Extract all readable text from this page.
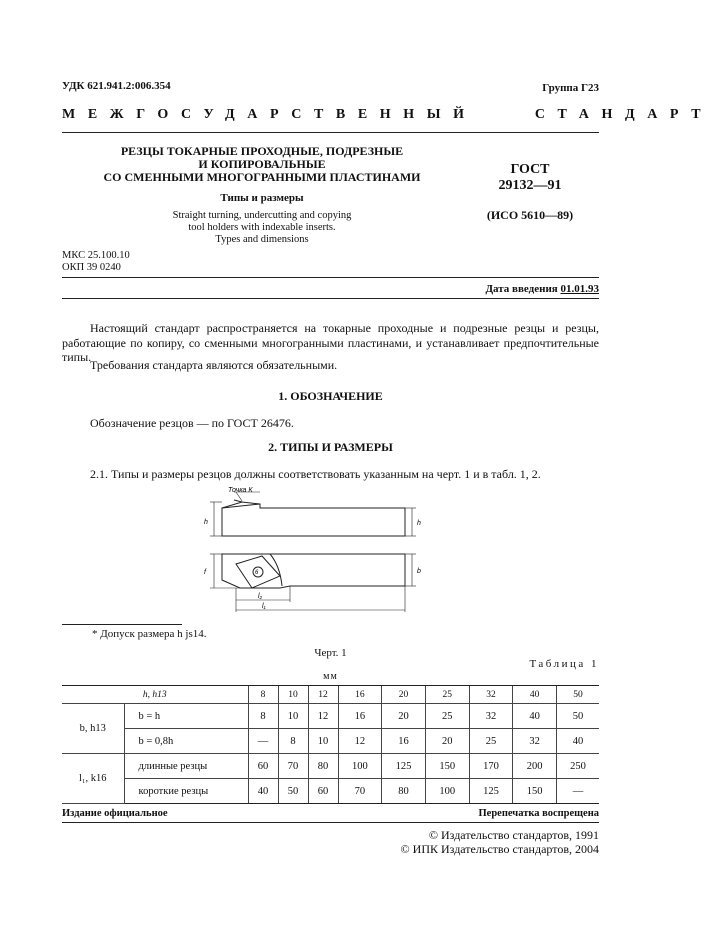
УДК 621.941.2:006.354	Группа Г23
МЕЖГОСУДАРСТВЕННЫЙ	СТАНДАРТ
РЕЗЦЫ ТОКАРНЫЕ ПРОХОДНЫЕ, ПОДРЕЗНЫЕ
И КОПИРОВАЛЬНЫЕ
СО СМЕННЫМИ МНОГОГРАННЫМИ ПЛАСТИНАМИ
Типы и размеры
Straight turning, undercutting and copying
tool holders with indexable inserts.
Types and dimensions
ГОСТ
29132—91
(ИСО 5610—89)
МКС 25.100.10
ОКП 39 0240
Дата введения 01.01.93
Настоящий стандарт распространяется на токарные проходные и подрезные резцы и резцы, работающие по копиру, со сменными многогранными пластинами, и устанавливает предпочтительные типы.
Требования стандарта являются обязательными.
1. ОБОЗНАЧЕНИЕ
Обозначение резцов — по ГОСТ 26476.
2. ТИПЫ И РАЗМЕРЫ
2.1. Типы и размеры резцов должны соответствовать указанным на черт. 1 и в табл. 1, 2.
Точка К
h	h
f	b
6
l₂
l₁
* Допуск размера h js14.
Черт. 1
Таблица 1
мм
h, h13		8	10	12	16	20	25	32	40	50
b, h13	b = h	8	10	12	16	20	25	32	40	50
	b = 0,8h	—	8	10	12	16	20	25	32	40
l₁, k16	длинные резцы	60	70	80	100	125	150	170	200	250
	короткие резцы	40	50	60	70	80	100	125	150	—
Издание официальное	Перепечатка воспрещена
© Издательство стандартов, 1991
© ИПК Издательство стандартов, 2004
